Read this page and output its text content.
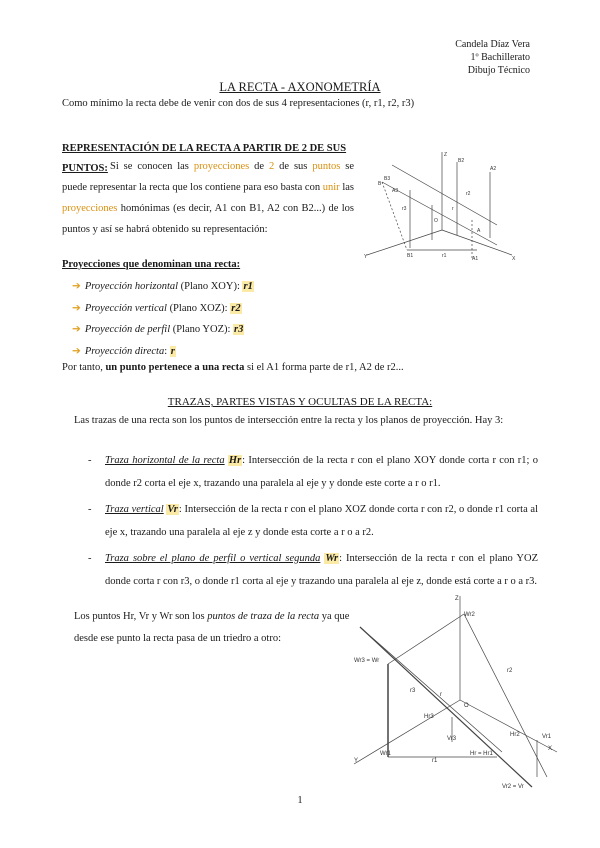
Candela Díaz Vera
1º Bachillerato
Dibujo Técnico
LA RECTA - AXONOMETRÍA
Como mínimo la recta debe de venir con dos de sus 4 representaciones (r, r1, r2, r3)
REPRESENTACIÓN DE LA RECTA A PARTIR DE 2 DE SUS PUNTOS: Si se conocen las proyecciones de 2 de sus puntos se puede representar la recta que los contiene para eso basta con unir las proyecciones homónimas (es decir, A1 con B1, A2 con B2...) de los puntos y así se habrá obtenido su representación:
B2
A2
B
A
B3
A3
O
B1	r1	A1
r3	r
r2
Y	X
Z
Proyecciones que denominan una recta:
➔ Proyección horizontal (Plano XOY): r1
➔ Proyección vertical (Plano XOZ): r2
➔ Proyección de perfil (Plano YOZ): r3
➔ Proyección directa: r
Por tanto, un punto pertenece a una recta si el A1 forma parte de r1, A2 de r2...
TRAZAS, PARTES VISTAS Y OCULTAS DE LA RECTA:
Las trazas de una recta son los puntos de intersección entre la recta y los planos de proyección. Hay 3:
- Traza horizontal de la recta Hr: Intersección de la recta r con el plano XOY donde corta r con r1; o donde r2 corta el eje x, trazando una paralela al eje y y donde este corte a r o r1.
- Traza vertical Vr: Intersección de la recta r con el plano XOZ donde corta r con r2, o donde r1 corta al eje x, trazando una paralela al eje z y donde esta corte a r o a r2.
- Traza sobre el plano de perfil o vertical segunda Wr: Intersección de la recta r con el plano YOZ donde corta r con r3, o donde r1 corta al eje y trazando una paralela al eje z, donde está corte a r o a r3.
Los puntos Hr, Vr y Wr son los puntos de traza de la recta ya que desde ese punto la recta pasa de un triedro a otro:
Z
Wr2
r2
Wr3 = Wr
r3
Hr3
O
Hr2	Vr1
Vr3
Y
Wr1
r1
Hr = Hr1
X
Vr2 = Vr
r
1
